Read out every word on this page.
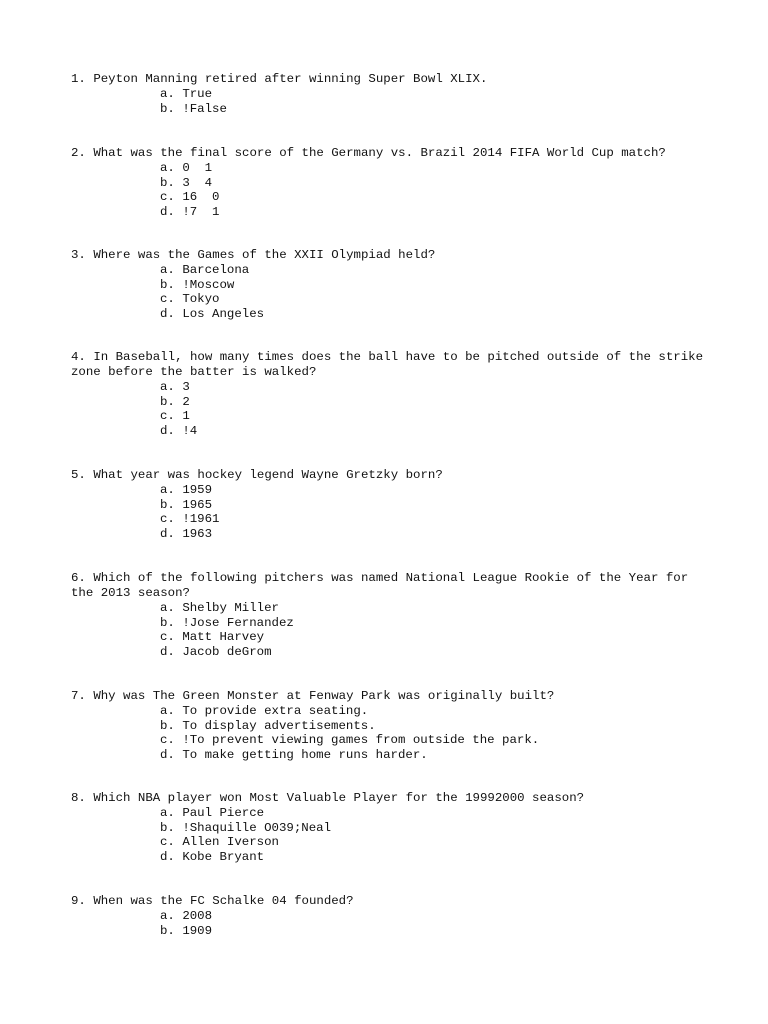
1. Peyton Manning retired after winning Super Bowl XLIX.

a. True
b. !False

2. What was the final score of the Germany vs. Brazil 2014 FIFA World Cup match?

a. 0  1
b. 3  4
c. 16  0
d. !7  1

3. Where was the Games of the XXII Olympiad held?

a. Barcelona
b. !Moscow
c. Tokyo
d. Los Angeles

4. In Baseball, how many times does the ball have to be pitched outside of the strike zone before the batter is walked?

a. 3
b. 2
c. 1
d. !4

5. What year was hockey legend Wayne Gretzky born?

a. 1959
b. 1965
c. !1961
d. 1963

6. Which of the following pitchers was named National League Rookie of the Year for the 2013 season?

a. Shelby Miller
b. !Jose Fernandez
c. Matt Harvey
d. Jacob deGrom

7. Why was The Green Monster at Fenway Park was originally built?

a. To provide extra seating.
b. To display advertisements.
c. !To prevent viewing games from outside the park.
d. To make getting home runs harder.

8. Which NBA player won Most Valuable Player for the 19992000 season?

a. Paul Pierce
b. !Shaquille O039;Neal
c. Allen Iverson
d. Kobe Bryant

9. When was the FC Schalke 04 founded?

a. 2008
b. 1909
